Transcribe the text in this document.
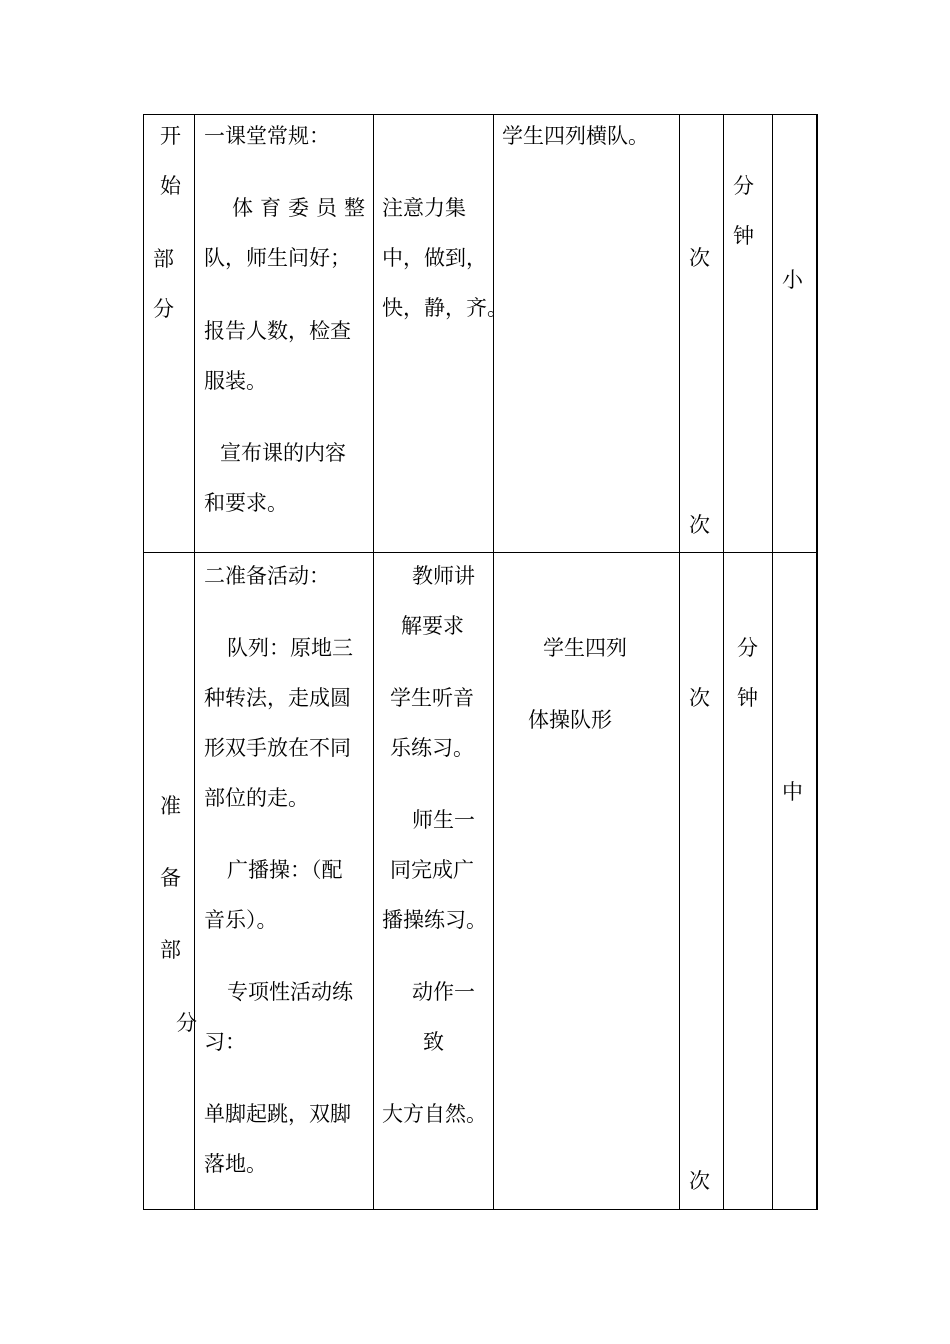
开
始
部
分
一课堂常规：
体 育 委 员 整
队，师生问好；
报告人数，检查
服装。
宣布课的内容
和要求。
注意力集
中，做到，
快，静，齐。
学生四列横队。
次
次
分
钟
小
准
备
部
分
二准备活动：
队列：原地三
种转法，走成圆
形双手放在不同
部位的走。
广播操：（配
音乐）。
专项性活动练
习：
单脚起跳，双脚
落地。
教师讲
解要求
学生听音
乐练习。
师生一
同完成广
播操练习。
动作一
致
大方自然。
学生四列
体操队形
次
次
分
钟
中
